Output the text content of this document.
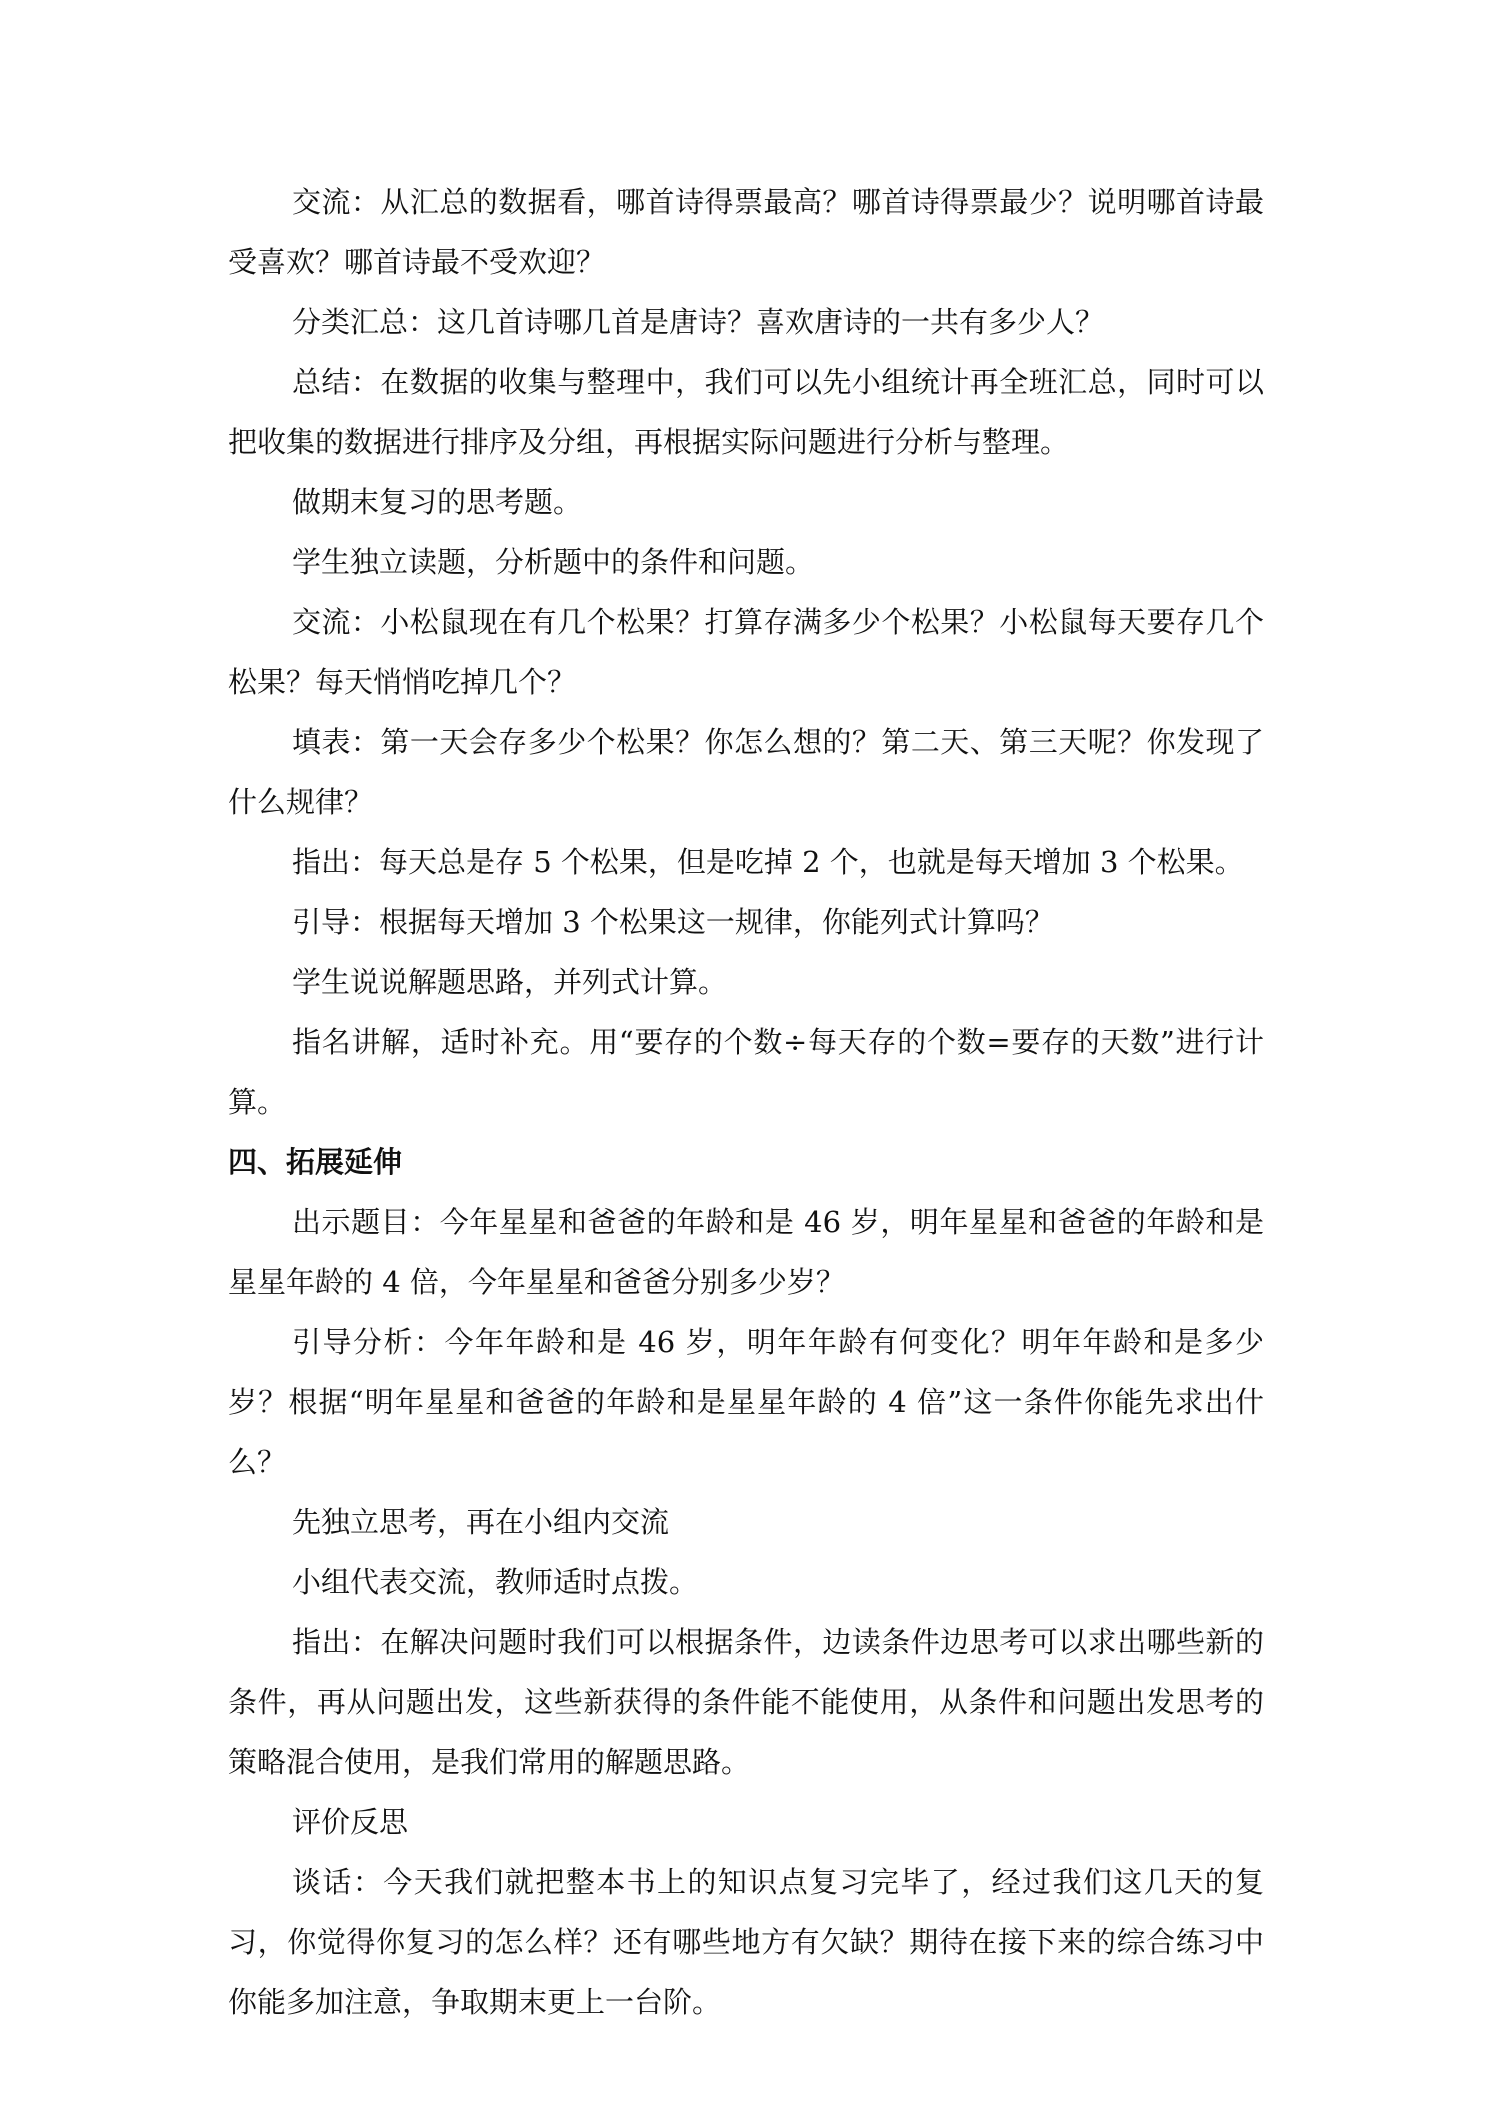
交流：从汇总的数据看，哪首诗得票最高？哪首诗得票最少？说明哪首诗最受喜欢？哪首诗最不受欢迎？

分类汇总：这几首诗哪几首是唐诗？喜欢唐诗的一共有多少人？

总结：在数据的收集与整理中，我们可以先小组统计再全班汇总，同时可以把收集的数据进行排序及分组，再根据实际问题进行分析与整理。

做期末复习的思考题。

学生独立读题，分析题中的条件和问题。

交流：小松鼠现在有几个松果？打算存满多少个松果？小松鼠每天要存几个松果？每天悄悄吃掉几个？

填表：第一天会存多少个松果？你怎么想的？第二天、第三天呢？你发现了什么规律？

指出：每天总是存 5 个松果，但是吃掉 2 个，也就是每天增加 3 个松果。

引导：根据每天增加 3 个松果这一规律，你能列式计算吗？

学生说说解题思路，并列式计算。

指名讲解，适时补充。用“要存的个数÷每天存的个数=要存的天数”进行计算。

四、拓展延伸

出示题目：今年星星和爸爸的年龄和是 46 岁，明年星星和爸爸的年龄和是星星年龄的 4 倍，今年星星和爸爸分别多少岁？

引导分析：今年年龄和是 46 岁，明年年龄有何变化？明年年龄和是多少岁？根据“明年星星和爸爸的年龄和是星星年龄的 4 倍”这一条件你能先求出什么？

先独立思考，再在小组内交流

小组代表交流，教师适时点拨。

指出：在解决问题时我们可以根据条件，边读条件边思考可以求出哪些新的条件，再从问题出发，这些新获得的条件能不能使用，从条件和问题出发思考的策略混合使用，是我们常用的解题思路。

评价反思

谈话：今天我们就把整本书上的知识点复习完毕了，经过我们这几天的复习，你觉得你复习的怎么样？还有哪些地方有欠缺？期待在接下来的综合练习中你能多加注意，争取期末更上一台阶。
